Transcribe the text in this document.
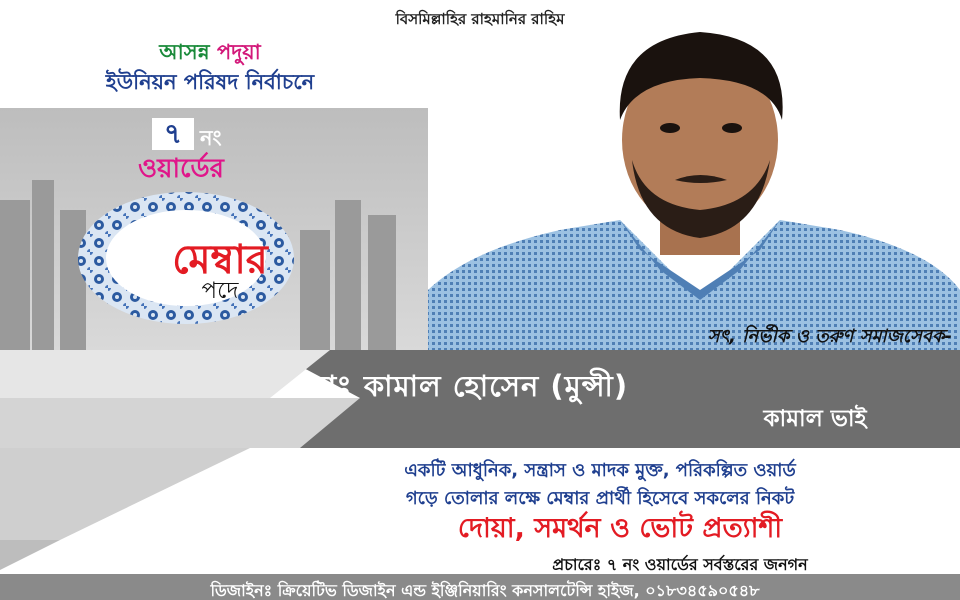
বিসমিল্লাহির রাহমানির রাহিম
আসন্ন পদুয়া
ইউনিয়ন পরিষদ নির্বাচনে
৭ নং
ওয়ার্ডের
মেম্বার
পদে
সৎ, নির্ভীক ও তরুণ সমাজসেবক-
মোঃ কামাল হোসেন (মুন্সী)
কামাল ভাই
একটি আধুনিক, সন্ত্রাস ও মাদক মুক্ত, পরিকল্পিত ওয়ার্ড
গড়ে তোলার লক্ষে মেম্বার প্রার্থী হিসেবে সকলের নিকট
দোয়া, সমর্থন ও ভোট প্রত্যাশী
প্রচারেঃ ৭ নং ওয়ার্ডের সর্বস্তরের জনগন
ডিজাইনঃ ক্রিয়েটিভ ডিজাইন এন্ড ইঞ্জিনিয়ারিং কনসালটেন্সি হাইজ, ০১৮৩৪৫৯০৫৪৮
